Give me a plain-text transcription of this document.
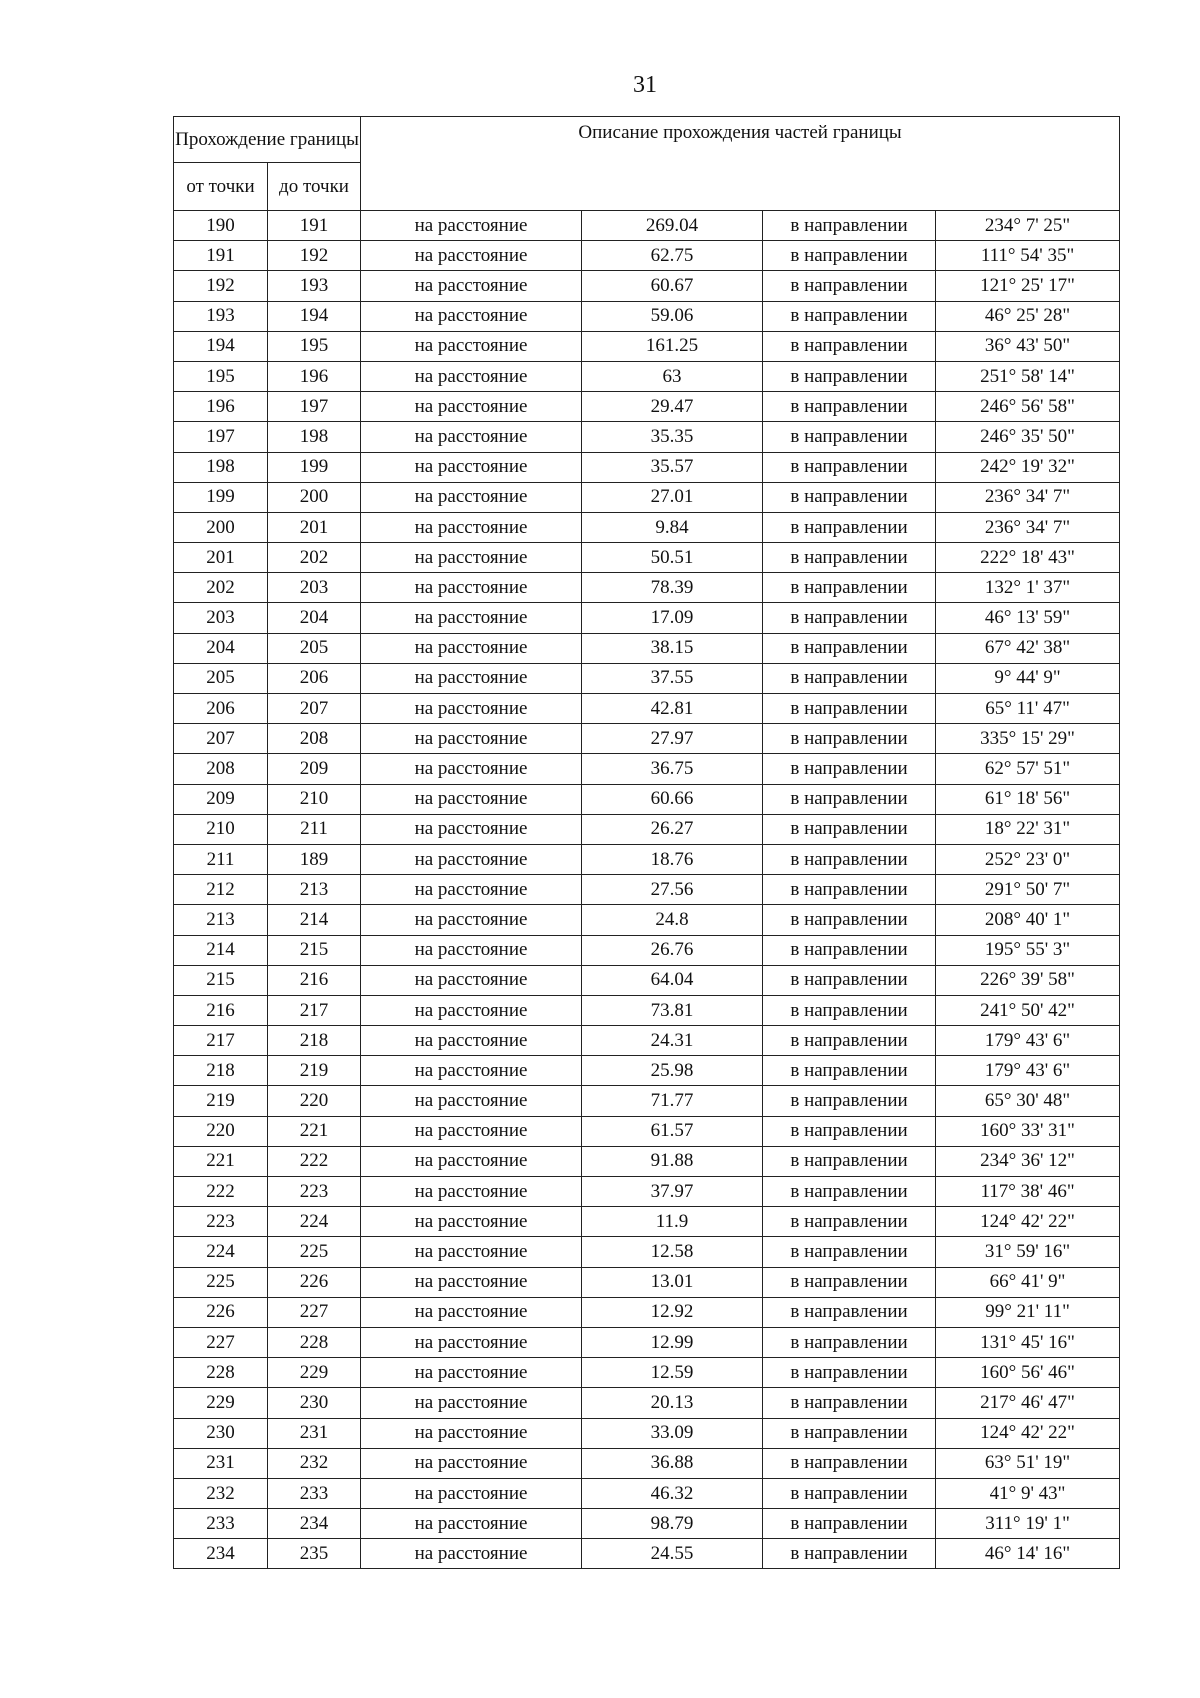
31
Прохождение границы		Описание прохождения частей границы			
от точки	до точки				
190	191	на расстояние	269.04	в направлении	234° 7' 25"
191	192	на расстояние	62.75	в направлении	111° 54' 35"
192	193	на расстояние	60.67	в направлении	121° 25' 17"
193	194	на расстояние	59.06	в направлении	46° 25' 28"
194	195	на расстояние	161.25	в направлении	36° 43' 50"
195	196	на расстояние	63	в направлении	251° 58' 14"
196	197	на расстояние	29.47	в направлении	246° 56' 58"
197	198	на расстояние	35.35	в направлении	246° 35' 50"
198	199	на расстояние	35.57	в направлении	242° 19' 32"
199	200	на расстояние	27.01	в направлении	236° 34' 7"
200	201	на расстояние	9.84	в направлении	236° 34' 7"
201	202	на расстояние	50.51	в направлении	222° 18' 43"
202	203	на расстояние	78.39	в направлении	132° 1' 37"
203	204	на расстояние	17.09	в направлении	46° 13' 59"
204	205	на расстояние	38.15	в направлении	67° 42' 38"
205	206	на расстояние	37.55	в направлении	9° 44' 9"
206	207	на расстояние	42.81	в направлении	65° 11' 47"
207	208	на расстояние	27.97	в направлении	335° 15' 29"
208	209	на расстояние	36.75	в направлении	62° 57' 51"
209	210	на расстояние	60.66	в направлении	61° 18' 56"
210	211	на расстояние	26.27	в направлении	18° 22' 31"
211	189	на расстояние	18.76	в направлении	252° 23' 0"
212	213	на расстояние	27.56	в направлении	291° 50' 7"
213	214	на расстояние	24.8	в направлении	208° 40' 1"
214	215	на расстояние	26.76	в направлении	195° 55' 3"
215	216	на расстояние	64.04	в направлении	226° 39' 58"
216	217	на расстояние	73.81	в направлении	241° 50' 42"
217	218	на расстояние	24.31	в направлении	179° 43' 6"
218	219	на расстояние	25.98	в направлении	179° 43' 6"
219	220	на расстояние	71.77	в направлении	65° 30' 48"
220	221	на расстояние	61.57	в направлении	160° 33' 31"
221	222	на расстояние	91.88	в направлении	234° 36' 12"
222	223	на расстояние	37.97	в направлении	117° 38' 46"
223	224	на расстояние	11.9	в направлении	124° 42' 22"
224	225	на расстояние	12.58	в направлении	31° 59' 16"
225	226	на расстояние	13.01	в направлении	66° 41' 9"
226	227	на расстояние	12.92	в направлении	99° 21' 11"
227	228	на расстояние	12.99	в направлении	131° 45' 16"
228	229	на расстояние	12.59	в направлении	160° 56' 46"
229	230	на расстояние	20.13	в направлении	217° 46' 47"
230	231	на расстояние	33.09	в направлении	124° 42' 22"
231	232	на расстояние	36.88	в направлении	63° 51' 19"
232	233	на расстояние	46.32	в направлении	41° 9' 43"
233	234	на расстояние	98.79	в направлении	311° 19' 1"
234	235	на расстояние	24.55	в направлении	46° 14' 16"
